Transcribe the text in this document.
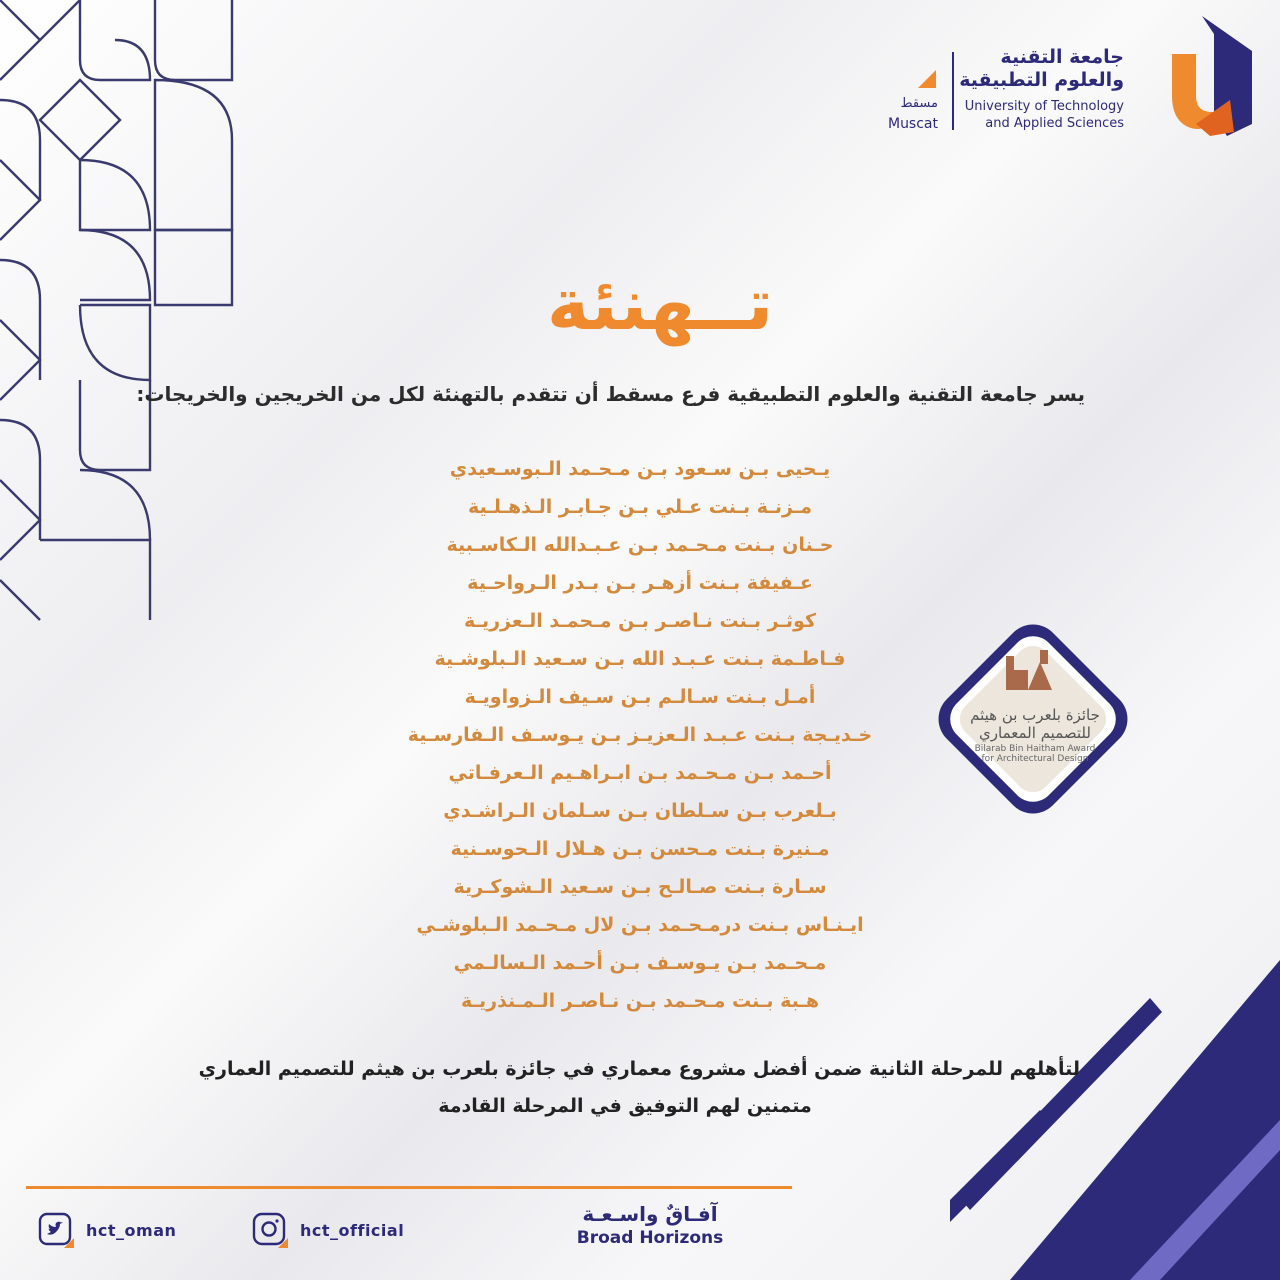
جامعة التقنية
والعلوم التطبيقية
University of Technology
and Applied Sciences
مسقط
Muscat
تــهنئة
يسر جامعة التقنية والعلوم التطبيقية فرع مسقط أن تتقدم بالتهنئة لكل من الخريجين والخريجات:
يـحيى بـن سـعود بـن مـحـمد الـبوسـعيدي
مـزنـة بـنت عـلي بـن جـابـر الـذهـلـية
حـنان بـنت مـحـمد بـن عـبـدالله الـكاسـبية
عـفيفة بـنت أزهـر بـن بـدر الـرواحـية
كوثـر بـنت نـاصـر بـن مـحمـد الـعزريـة
فـاطـمة بـنت عـبـد الله بـن سـعيد الـبلوشـية
أمـل بـنت سـالـم بـن سـيف الـزواويـة
خـديـجة بـنت عـبـد الـعزيـز بـن يـوسـف الـفارسـية
أحـمد بـن مـحـمد بـن ابـراهـيم الـعرفـاتي
بـلعرب بـن سـلطان بـن سـلمان الـراشـدي
مـنيرة بـنت مـحسن بـن هـلال الـحوسـنية
سـارة بـنت صـالـح بـن سـعيد الـشوكـرية
ايـنـاس بـنت درمـحـمد بـن لال مـحـمد الـبلوشـي
مـحـمد بـن يـوسـف بـن أحـمد الـسالـمي
هـبة بـنت مـحـمد بـن نـاصـر الـمـنذريـة
جائزة بلعرب بن هيثم
للتصميم المعماري
Bilarab Bin Haitham Award
for Architectural Design
لتأهلهم للمرحلة الثانية ضمن أفضل مشروع معماري في جائزة بلعرب بن هيثم للتصميم العماري
متمنين لهم التوفيق في المرحلة القادمة
hct_oman	hct_official
آفـاقٌ واسـعـة
Broad Horizons
